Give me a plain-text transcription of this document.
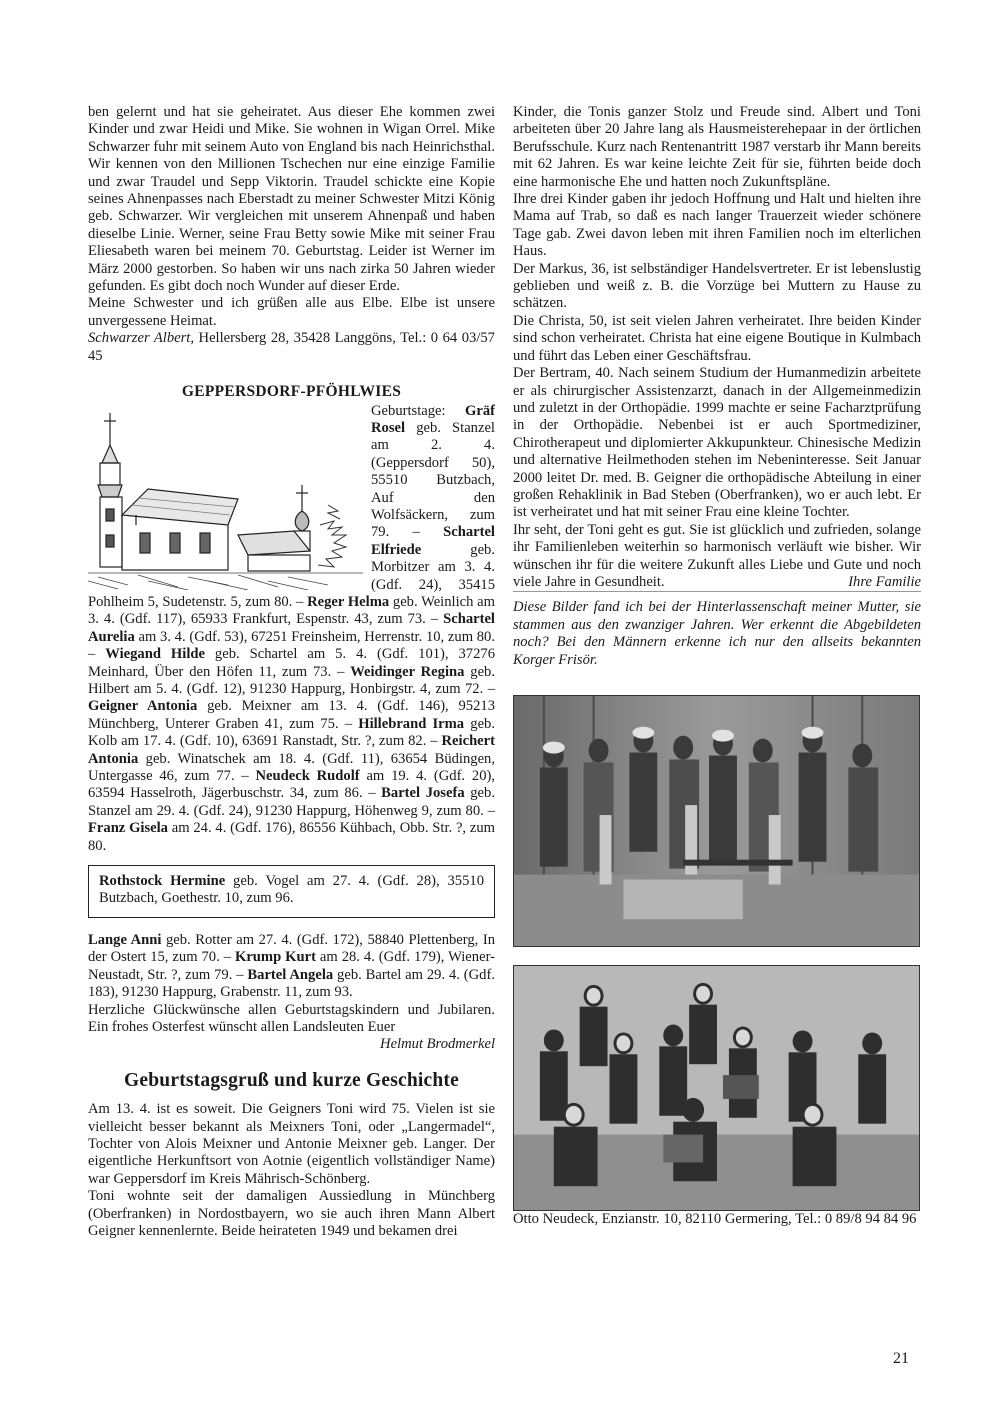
ben gelernt und hat sie geheiratet. Aus dieser Ehe kommen zwei Kinder und zwar Heidi und Mike. Sie wohnen in Wigan Orrel. Mike Schwarzer fuhr mit seinem Auto von England bis nach Heinrichsthal. Wir kennen von den Millionen Tschechen nur eine einzige Familie und zwar Traudel und Sepp Viktorin. Traudel schickte eine Kopie seines Ahnenpasses nach Eberstadt zu meiner Schwester Mitzi König geb. Schwarzer. Wir vergleichen mit unserem Ahnenpaß und haben dieselbe Linie. Werner, seine Frau Betty sowie Mike mit seiner Frau Eliesabeth waren bei meinem 70. Geburtstag. Leider ist Werner im März 2000 gestorben. So haben wir uns nach zirka 50 Jahren wieder gefunden. Es gibt doch noch Wunder auf dieser Erde.

Meine Schwester und ich grüßen alle aus Elbe. Elbe ist unsere unvergessene Heimat.

Schwarzer Albert, Hellersberg 28, 35428 Langgöns, Tel.: 0 64 03/57 45

GEPPERSDORF-PFÖHLWIES
Geburtstage: Gräf Rosel geb. Stanzel am 2. 4. (Geppersdorf 50), 55510 Butzbach, Auf den Wolfsäckern, zum 79. – Schartel Elfriede geb. Morbitzer am 3. 4. (Gdf. 24), 35415 Pohlheim 5, Sudetenstr. 5, zum 80. – Reger Helma geb. Weinlich am 3. 4. (Gdf. 117), 65933 Frankfurt, Espenstr. 43, zum 73. – Schartel Aurelia am 3. 4. (Gdf. 53), 67251 Freinsheim, Herrenstr. 10, zum 80. – Wiegand Hilde geb. Schartel am 5. 4. (Gdf. 101), 37276 Meinhard, Über den Höfen 11, zum 73. – Weidinger Regina geb. Hilbert am 5. 4. (Gdf. 12), 91230 Happurg, Honbirgstr. 4, zum 72. – Geigner Antonia geb. Meixner am 13. 4. (Gdf. 146), 95213 Münchberg, Unterer Graben 41, zum 75. – Hillebrand Irma geb. Kolb am 17. 4. (Gdf. 10), 63691 Ranstadt, Str. ?, zum 82. – Reichert Antonia geb. Winatschek am 18. 4. (Gdf. 11), 63654 Büdingen, Untergasse 46, zum 77. – Neudeck Rudolf am 19. 4. (Gdf. 20), 63594 Hasselroth, Jägerbuschstr. 34, zum 86. – Bartel Josefa geb. Stanzel am 29. 4. (Gdf. 24), 91230 Happurg, Höhenweg 9, zum 80. – Franz Gisela am 24. 4. (Gdf. 176), 86556 Kühbach, Obb. Str. ?, zum 80.
Rothstock Hermine geb. Vogel am 27. 4. (Gdf. 28), 35510 Butzbach, Goethestr. 10, zum 96.

Lange Anni geb. Rotter am 27. 4. (Gdf. 172), 58840 Plettenberg, In der Ostert 15, zum 70. – Krump Kurt am 28. 4. (Gdf. 179), Wiener-Neustadt, Str. ?, zum 79. – Bartel Angela geb. Bartel am 29. 4. (Gdf. 183), 91230 Happurg, Grabenstr. 11, zum 93.

Herzliche Glückwünsche allen Geburtstagskindern und Jubilaren. Ein frohes Osterfest wünscht allen Landsleuten Euer

Helmut Brodmerkel

Geburtstagsgruß und kurze Geschichte

Am 13. 4. ist es soweit. Die Geigners Toni wird 75. Vielen ist sie vielleicht besser bekannt als Meixners Toni, oder „Langermadel“, Tochter von Alois Meixner und Antonie Meixner geb. Langer. Der eigentliche Herkunftsort von Aotnie (eigentlich vollständiger Name) war Geppersdorf im Kreis Mährisch-Schönberg.

Toni wohnte seit der damaligen Aussiedlung in Münchberg (Oberfranken) in Nordostbayern, wo sie auch ihren Mann Albert Geigner kennenlernte. Beide heirateten 1949 und bekamen drei

Kinder, die Tonis ganzer Stolz und Freude sind. Albert und Toni arbeiteten über 20 Jahre lang als Hausmeisterehepaar in der örtlichen Berufsschule. Kurz nach Rentenantritt 1987 verstarb ihr Mann bereits mit 62 Jahren. Es war keine leichte Zeit für sie, führten beide doch eine harmonische Ehe und hatten noch Zukunftspläne.

Ihre drei Kinder gaben ihr jedoch Hoffnung und Halt und hielten ihre Mama auf Trab, so daß es nach langer Trauerzeit wieder schönere Tage gab. Zwei davon leben mit ihren Familien noch im elterlichen Haus.

Der Markus, 36, ist selbständiger Handelsvertreter. Er ist lebenslustig geblieben und weiß z. B. die Vorzüge bei Muttern zu Hause zu schätzen.

Die Christa, 50, ist seit vielen Jahren verheiratet. Ihre beiden Kinder sind schon verheiratet. Christa hat eine eigene Boutique in Kulmbach und führt das Leben einer Geschäftsfrau.

Der Bertram, 40. Nach seinem Studium der Humanmedizin arbeitete er als chirurgischer Assistenzarzt, danach in der Allgemeinmedizin und zuletzt in der Orthopädie. 1999 machte er seine Facharztprüfung in der Orthopädie. Nebenbei ist er auch Sportmediziner, Chirotherapeut und diplomierter Akkupunkteur. Chinesische Medizin und alternative Heilmethoden stehen im Nebeninteresse. Seit Januar 2000 leitet Dr. med. B. Geigner die orthopädische Abteilung in einer großen Rehaklinik in Bad Steben (Oberfranken), wo er auch lebt. Er ist verheiratet und hat mit seiner Frau eine kleine Tochter.

Ihr seht, der Toni geht es gut. Sie ist glücklich und zufrieden, solange ihr Familienleben weiterhin so harmonisch verläuft wie bisher. Wir wünschen ihr für die weitere Zukunft alles Liebe und Gute und noch viele Jahre in Gesundheit.	Ihre Familie

Diese Bilder fand ich bei der Hinterlassenschaft meiner Mutter, sie stammen aus den zwanziger Jahren. Wer erkennt die Abgebildeten noch? Bei den Männern erkenne ich nur den allseits bekannten Korger Frisör.

Otto Neudeck, Enzianstr. 10, 82110 Germering, Tel.: 0 89/8 94 84 96

21
